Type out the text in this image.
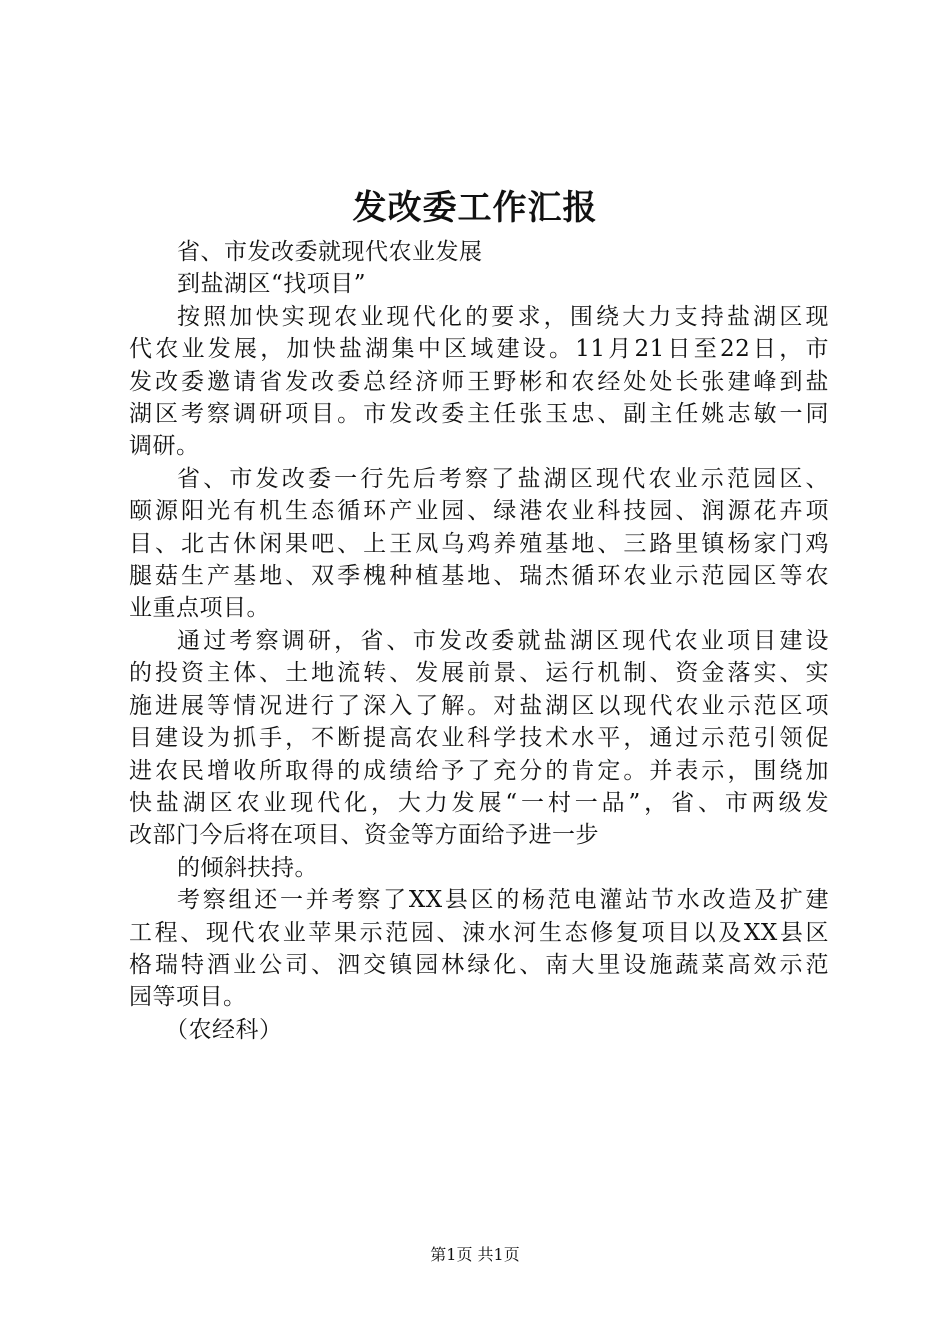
发改委工作汇报
省、市发改委就现代农业发展
到盐湖区“找项目”
按照加快实现农业现代化的要求，围绕大力支持盐湖区现
代农业发展，加快盐湖集中区域建设。11月21日至22日，市
发改委邀请省发改委总经济师王野彬和农经处处长张建峰到盐
湖区考察调研项目。市发改委主任张玉忠、副主任姚志敏一同
调研。
省、市发改委一行先后考察了盐湖区现代农业示范园区、
颐源阳光有机生态循环产业园、绿港农业科技园、润源花卉项
目、北古休闲果吧、上王凤乌鸡养殖基地、三路里镇杨家门鸡
腿菇生产基地、双季槐种植基地、瑞杰循环农业示范园区等农
业重点项目。
通过考察调研，省、市发改委就盐湖区现代农业项目建设
的投资主体、土地流转、发展前景、运行机制、资金落实、实
施进展等情况进行了深入了解。对盐湖区以现代农业示范区项
目建设为抓手，不断提高农业科学技术水平，通过示范引领促
进农民增收所取得的成绩给予了充分的肯定。并表示，围绕加
快盐湖区农业现代化，大力发展“一村一品”，省、市两级发
改部门今后将在项目、资金等方面给予进一步
的倾斜扶持。
考察组还一并考察了XX县区的杨范电灌站节水改造及扩建
工程、现代农业苹果示范园、涑水河生态修复项目以及XX县区
格瑞特酒业公司、泗交镇园林绿化、南大里设施蔬菜高效示范
园等项目。
（农经科）
第1页 共1页
